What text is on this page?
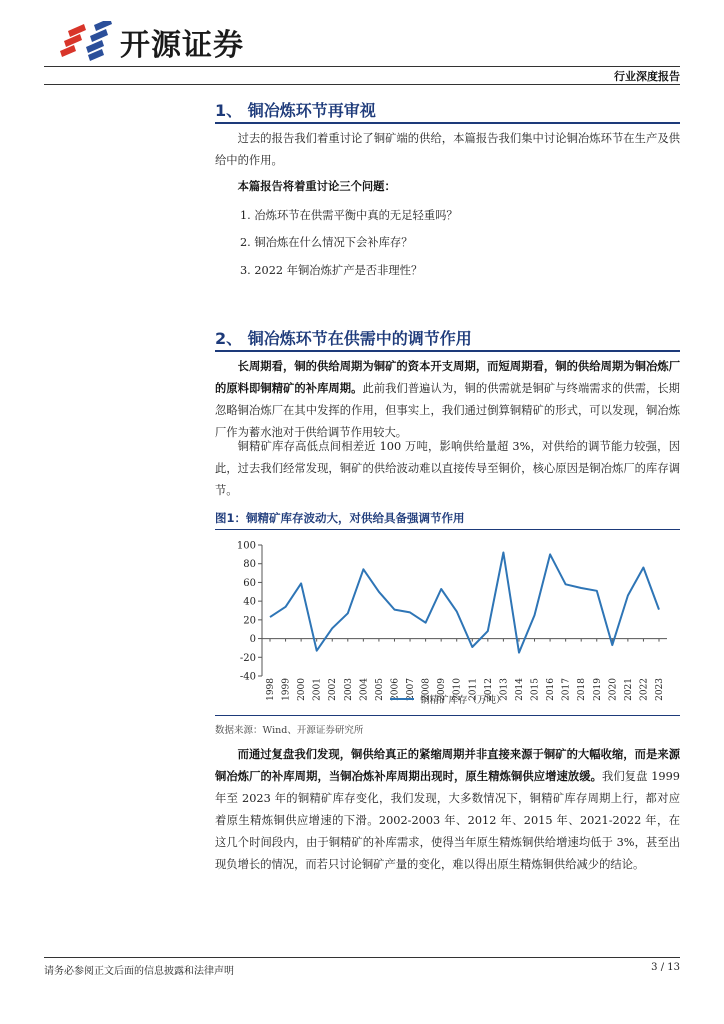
开源证券
行业深度报告
1、 铜冶炼环节再审视
过去的报告我们着重讨论了铜矿端的供给，本篇报告我们集中讨论铜冶炼环节在生产及供给中的作用。
本篇报告将着重讨论三个问题：
1. 冶炼环节在供需平衡中真的无足轻重吗？
2. 铜冶炼在什么情况下会补库存？
3. 2022 年铜冶炼扩产是否非理性？
2、 铜冶炼环节在供需中的调节作用
长周期看，铜的供给周期为铜矿的资本开支周期，而短周期看，铜的供给周期为铜冶炼厂的原料即铜精矿的补库周期。此前我们普遍认为，铜的供需就是铜矿与终端需求的供需，长期忽略铜冶炼厂在其中发挥的作用，但事实上，我们通过倒算铜精矿的形式，可以发现，铜冶炼厂作为蓄水池对于供给调节作用较大。
铜精矿库存高低点间相差近 100 万吨，影响供给量超 3%，对供给的调节能力较强，因此，过去我们经常发现，铜矿的供给波动难以直接传导至铜价，核心原因是铜冶炼厂的库存调节。
图1：铜精矿库存波动大，对供给具备强调节作用
100
80
60
40
20
0
-20
-40
1998 1999 2000 2001 2002 2003 2004 2005 2006 2007 2008 2009 2010 2011 2012 2013 2014 2015 2016 2017 2018 2019 2020 2021 2022 2023
铜精矿库存（万吨）
数据来源：Wind、开源证券研究所
而通过复盘我们发现，铜供给真正的紧缩周期并非直接来源于铜矿的大幅收缩，而是来源铜冶炼厂的补库周期，当铜冶炼补库周期出现时，原生精炼铜供应增速放缓。我们复盘 1999 年至 2023 年的铜精矿库存变化，我们发现，大多数情况下，铜精矿库存周期上行，都对应着原生精炼铜供应增速的下滑。2002-2003 年、2012 年、2015 年、2021-2022 年，在这几个时间段内，由于铜精矿的补库需求，使得当年原生精炼铜供给增速均低于 3%，甚至出现负增长的情况，而若只讨论铜矿产量的变化，难以得出原生精炼铜供给减少的结论。
请务必参阅正文后面的信息披露和法律声明	3 / 13
